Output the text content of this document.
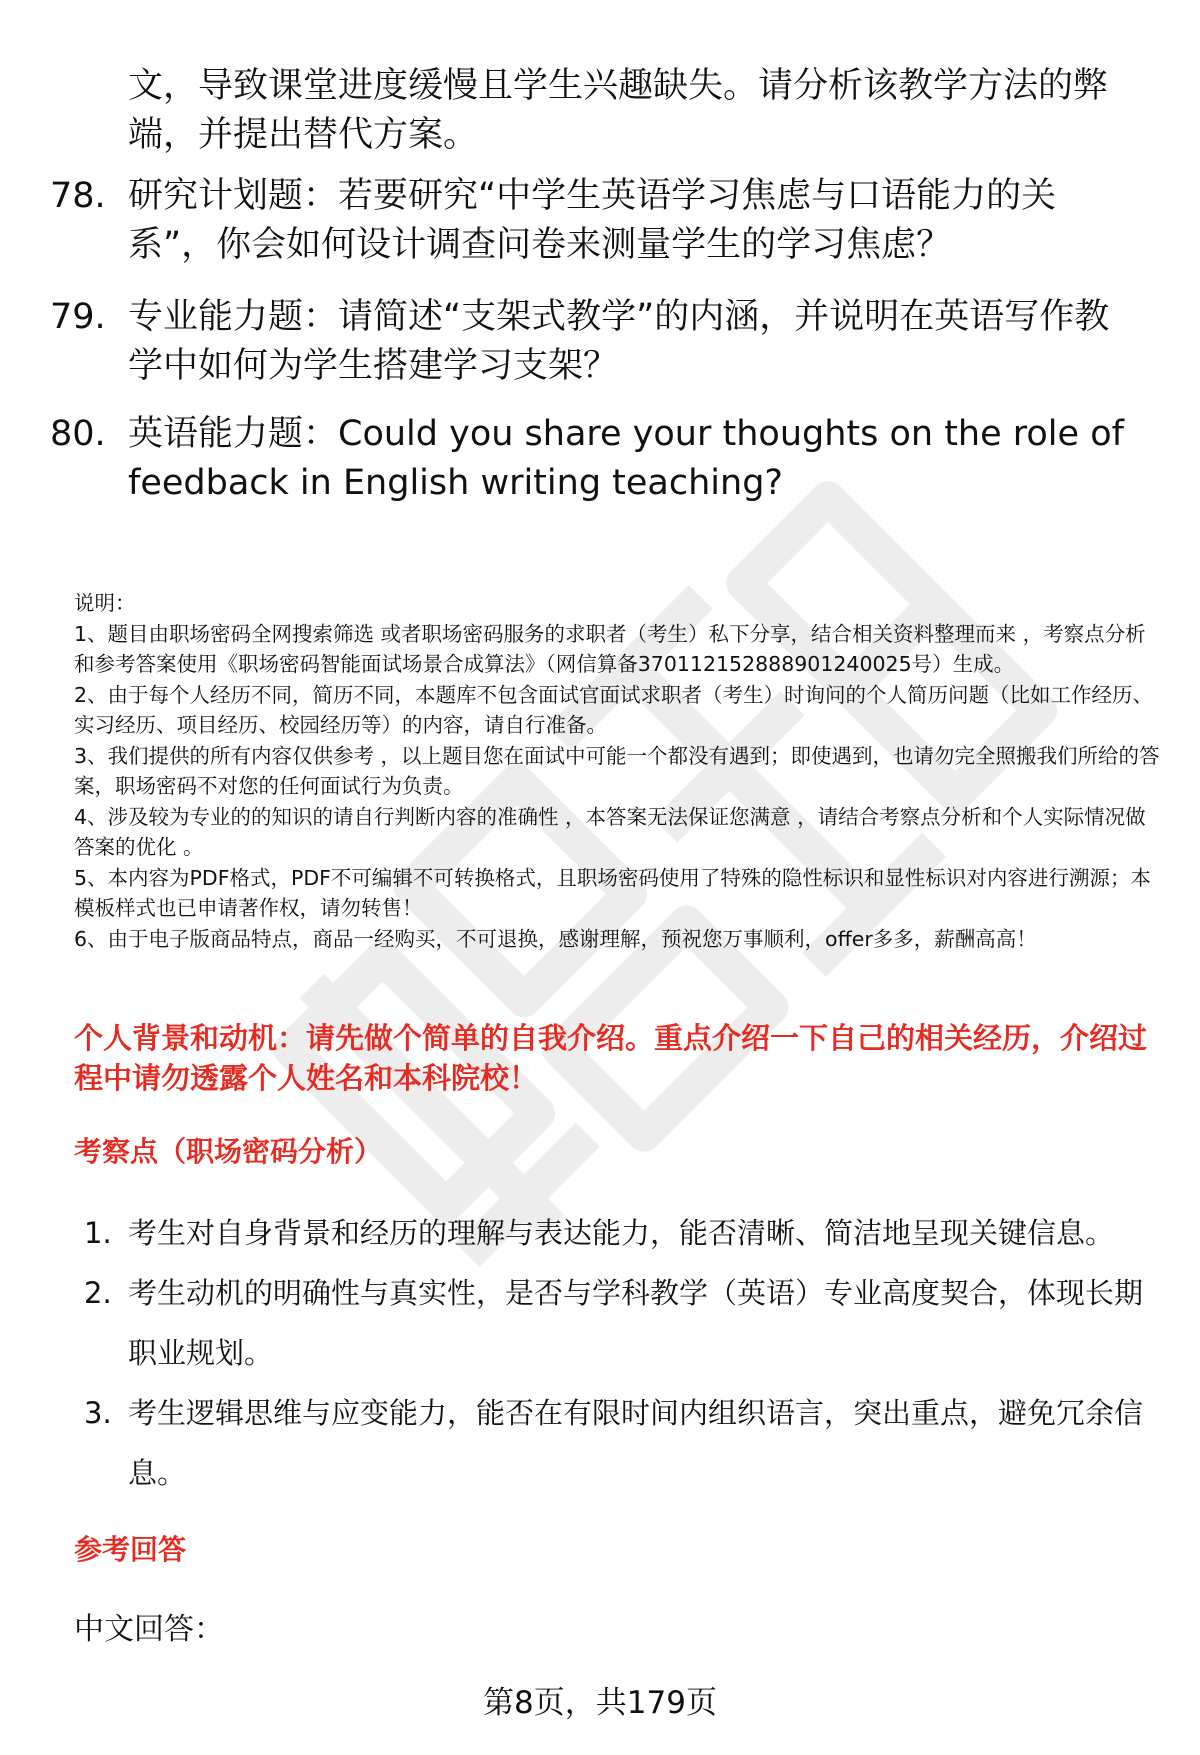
文，导致课堂进度缓慢且学生兴趣缺失。请分析该教学方法的弊端，并提出替代方案。
78. 研究计划题：若要研究“中学生英语学习焦虑与口语能力的关系”，你会如何设计调查问卷来测量学生的学习焦虑？
79. 专业能力题：请简述“支架式教学”的内涵，并说明在英语写作教学中如何为学生搭建学习支架？
80. 英语能力题：Could you share your thoughts on the role of feedback in English writing teaching?
说明：
1、题目由职场密码全网搜索筛选 或者职场密码服务的求职者（考生）私下分享，结合相关资料整理而来 ，考察点分析和参考答案使用《职场密码智能面试场景合成算法》（网信算备370112152888901240025号）生成。
2、由于每个人经历不同，简历不同，本题库不包含面试官面试求职者（考生）时询问的个人简历问题（比如工作经历、实习经历、项目经历、校园经历等）的内容，请自行准备。
3、我们提供的所有内容仅供参考 ，以上题目您在面试中可能一个都没有遇到；即使遇到，也请勿完全照搬我们所给的答案，职场密码不对您的任何面试行为负责。
4、涉及较为专业的的知识的请自行判断内容的准确性 ，本答案无法保证您满意 ，请结合考察点分析和个人实际情况做答案的优化 。
5、本内容为PDF格式，PDF不可编辑不可转换格式，且职场密码使用了特殊的隐性标识和显性标识对内容进行溯源；本模板样式也已申请著作权，请勿转售！
6、由于电子版商品特点，商品一经购买，不可退换，感谢理解，预祝您万事顺利，offer多多，薪酬高高！
个人背景和动机：请先做个简单的自我介绍。重点介绍一下自己的相关经历，介绍过程中请勿透露个人姓名和本科院校！
考察点（职场密码分析）
1. 考生对自身背景和经历的理解与表达能力，能否清晰、简洁地呈现关键信息。
2. 考生动机的明确性与真实性，是否与学科教学（英语）专业高度契合，体现长期职业规划。
3. 考生逻辑思维与应变能力，能否在有限时间内组织语言，突出重点，避免冗余信息。
参考回答
中文回答：
第8页，共179页
